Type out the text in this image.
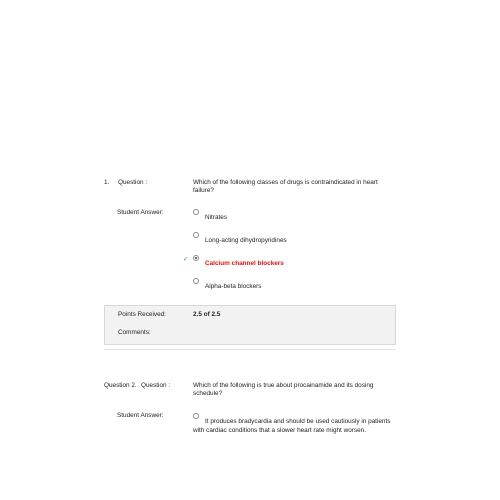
1. Question :	Which of the following classes of drugs is contraindicated in heart
failure?
Student Answer:
Nitrates
Long-acting dihydropyridines
✓
Calcium channel blockers
Alpha-beta blockers
Points Received:	2.5 of 2.5
Comments:
Question 2. Question :	Which of the following is true about procainamide and its dosing
schedule?
Student Answer:
It produces bradycardia and should be used cautiously in patients
with cardiac conditions that a slower heart rate might worsen.
